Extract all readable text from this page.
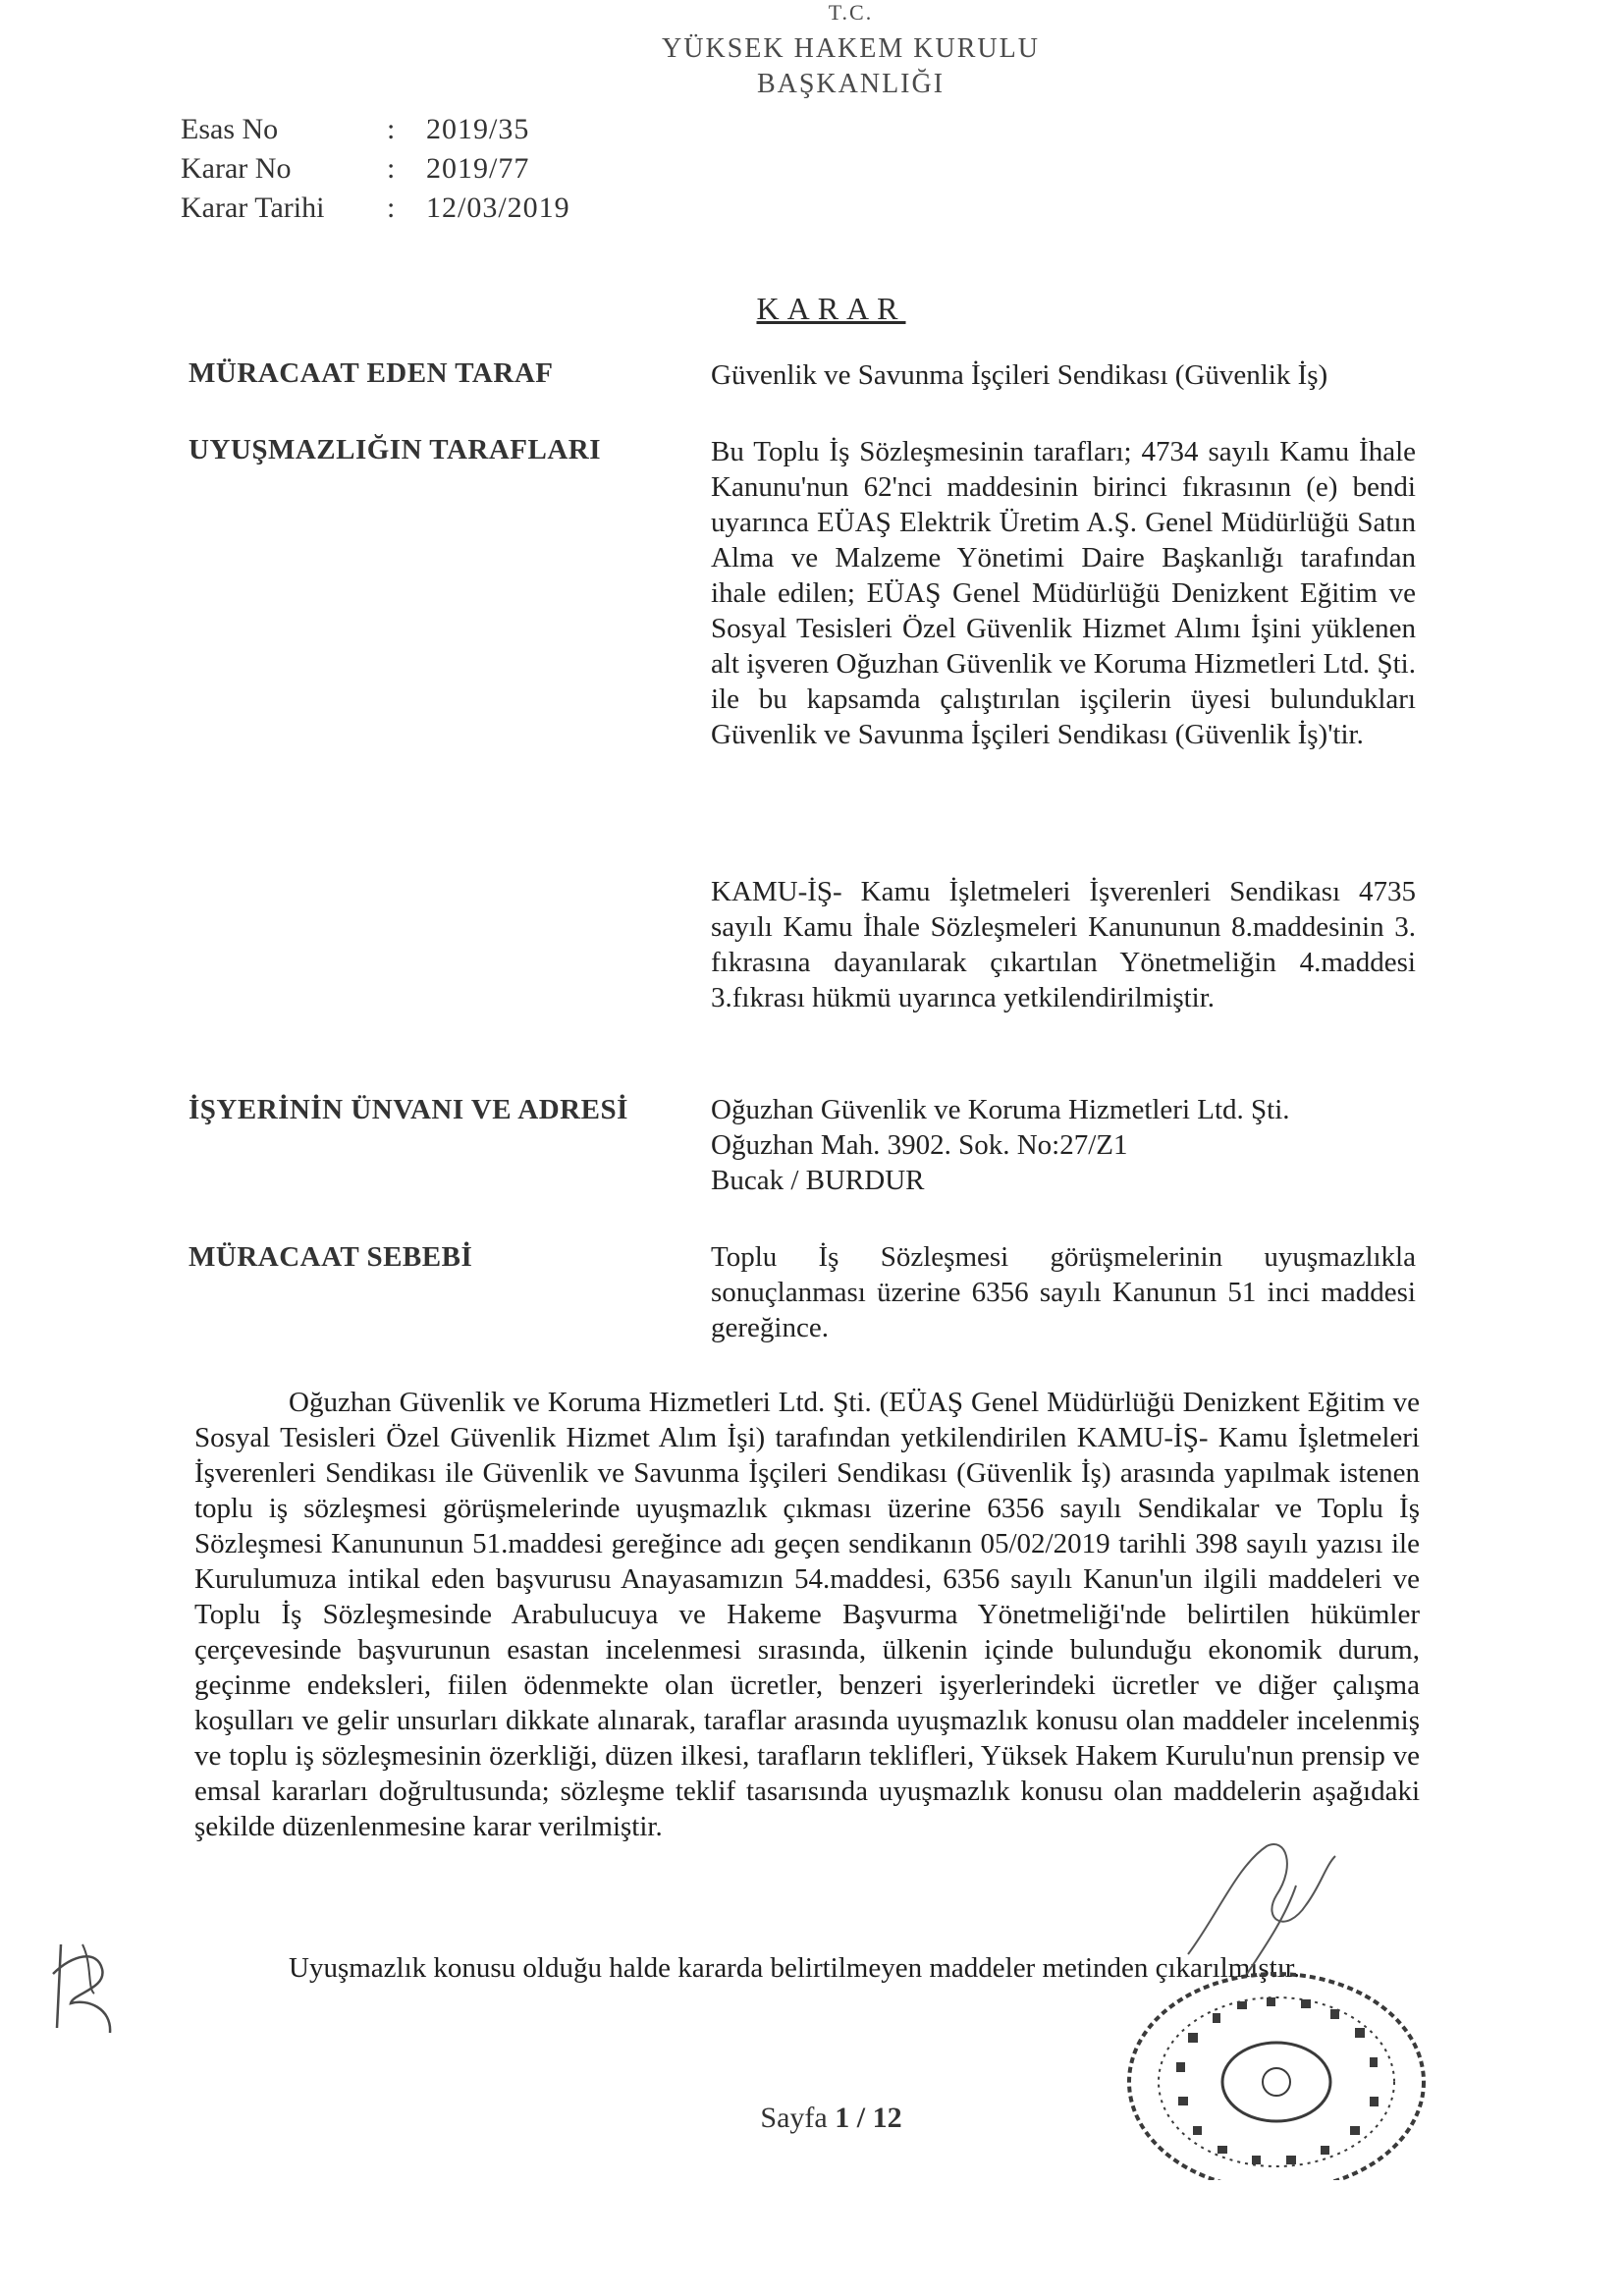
T.C.
YÜKSEK HAKEM KURULU
BAŞKANLIĞI
Esas No	:	2019/35
Karar No	:	2019/77
Karar Tarihi	:	12/03/2019
KARAR
MÜRACAAT EDEN TARAF	Güvenlik ve Savunma İşçileri Sendikası (Güvenlik İş)
UYUŞMAZLIĞIN TARAFLARI	Bu Toplu İş Sözleşmesinin tarafları; 4734 sayılı Kamu İhale Kanunu'nun 62'nci maddesinin birinci fıkrasının (e) bendi uyarınca EÜAŞ Elektrik Üretim A.Ş. Genel Müdürlüğü Satın Alma ve Malzeme Yönetimi Daire Başkanlığı tarafından ihale edilen; EÜAŞ Genel Müdürlüğü Denizkent Eğitim ve Sosyal Tesisleri Özel Güvenlik Hizmet Alımı İşini yüklenen alt işveren Oğuzhan Güvenlik ve Koruma Hizmetleri Ltd. Şti. ile bu kapsamda çalıştırılan işçilerin üyesi bulundukları Güvenlik ve Savunma İşçileri Sendikası (Güvenlik İş)'tir.
KAMU-İŞ- Kamu İşletmeleri İşverenleri Sendikası 4735 sayılı Kamu İhale Sözleşmeleri Kanununun 8.maddesinin 3. fıkrasına dayanılarak çıkartılan Yönetmeliğin 4.maddesi 3.fıkrası hükmü uyarınca yetkilendirilmiştir.
İŞYERİNİN ÜNVANI VE ADRESİ	Oğuzhan Güvenlik ve Koruma Hizmetleri Ltd. Şti.
Oğuzhan Mah. 3902. Sok. No:27/Z1
Bucak / BURDUR
MÜRACAAT SEBEBİ	Toplu İş Sözleşmesi görüşmelerinin uyuşmazlıkla sonuçlanması üzerine 6356 sayılı Kanunun 51 inci maddesi gereğince.
Oğuzhan Güvenlik ve Koruma Hizmetleri Ltd. Şti. (EÜAŞ Genel Müdürlüğü Denizkent Eğitim ve Sosyal Tesisleri Özel Güvenlik Hizmet Alım İşi) tarafından yetkilendirilen KAMU-İŞ- Kamu İşletmeleri İşverenleri Sendikası ile Güvenlik ve Savunma İşçileri Sendikası (Güvenlik İş) arasında yapılmak istenen toplu iş sözleşmesi görüşmelerinde uyuşmazlık çıkması üzerine 6356 sayılı Sendikalar ve Toplu İş Sözleşmesi Kanununun 51.maddesi gereğince adı geçen sendikanın 05/02/2019 tarihli 398 sayılı yazısı ile Kurulumuza intikal eden başvurusu Anayasamızın 54.maddesi, 6356 sayılı Kanun'un ilgili maddeleri ve Toplu İş Sözleşmesinde Arabulucuya ve Hakeme Başvurma Yönetmeliği'nde belirtilen hükümler çerçevesinde başvurunun esastan incelenmesi sırasında, ülkenin içinde bulunduğu ekonomik durum, geçinme endeksleri, fiilen ödenmekte olan ücretler, benzeri işyerlerindeki ücretler ve diğer çalışma koşulları ve gelir unsurları dikkate alınarak, taraflar arasında uyuşmazlık konusu olan maddeler incelenmiş ve toplu iş sözleşmesinin özerkliği, düzen ilkesi, tarafların teklifleri, Yüksek Hakem Kurulu'nun prensip ve emsal kararları doğrultusunda; sözleşme teklif tasarısında uyuşmazlık konusu olan maddelerin aşağıdaki şekilde düzenlenmesine karar verilmiştir.
Uyuşmazlık konusu olduğu halde kararda belirtilmeyen maddeler metinden çıkarılmıştır.
Sayfa 1 / 12
